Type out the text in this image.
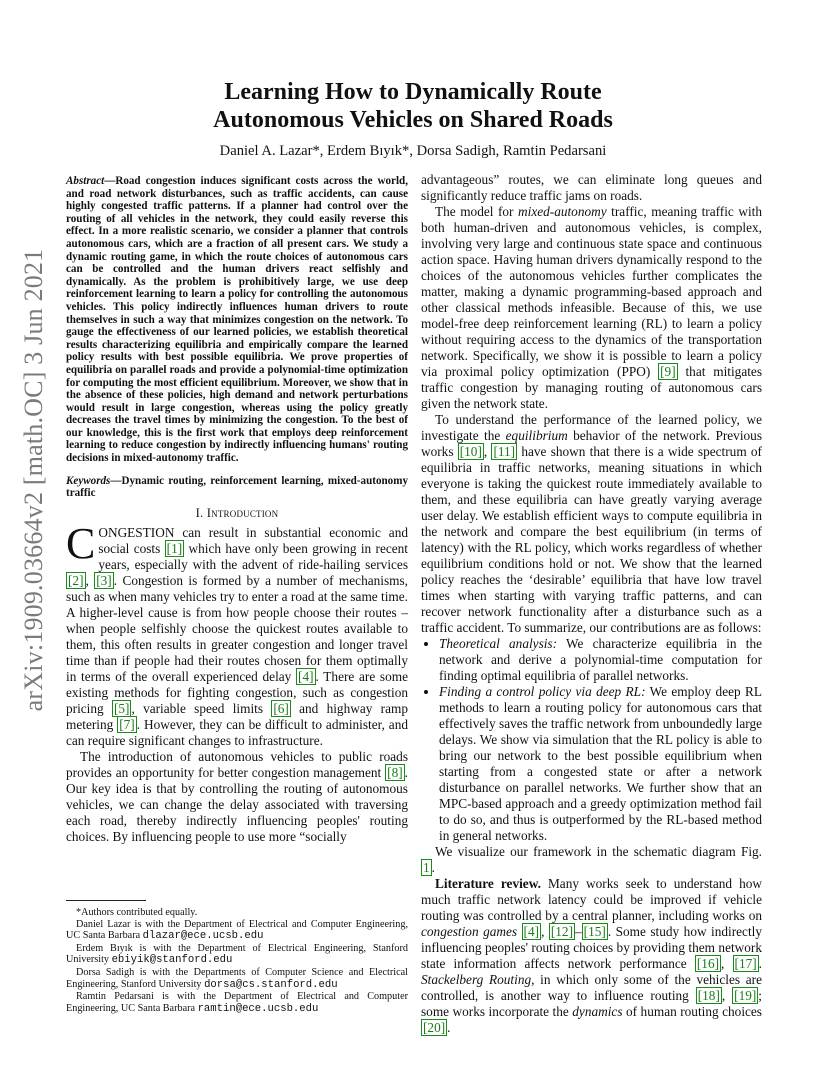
arXiv:1909.03664v2 [math.OC] 3 Jun 2021
Learning How to Dynamically Route
Autonomous Vehicles on Shared Roads
Daniel A. Lazar*, Erdem Bıyık*, Dorsa Sadigh, Ramtin Pedarsani
Abstract—Road congestion induces significant costs across the world, and road network disturbances, such as traffic accidents, can cause highly congested traffic patterns. If a planner had control over the routing of all vehicles in the network, they could easily reverse this effect. In a more realistic scenario, we consider a planner that controls autonomous cars, which are a fraction of all present cars. We study a dynamic routing game, in which the route choices of autonomous cars can be controlled and the human drivers react selfishly and dynamically. As the problem is prohibitively large, we use deep reinforcement learning to learn a policy for controlling the autonomous vehicles. This policy indirectly influences human drivers to route themselves in such a way that minimizes congestion on the network. To gauge the effectiveness of our learned policies, we establish theoretical results characterizing equilibria and empirically compare the learned policy results with best possible equilibria. We prove properties of equilibria on parallel roads and provide a polynomial-time optimization for computing the most efficient equilibrium. Moreover, we show that in the absence of these policies, high demand and network perturbations would result in large congestion, whereas using the policy greatly decreases the travel times by minimizing the congestion. To the best of our knowledge, this is the first work that employs deep reinforcement learning to reduce congestion by indirectly influencing humans' routing decisions in mixed-autonomy traffic.
Keywords—Dynamic routing, reinforcement learning, mixed-autonomy traffic
I. Introduction

CONGESTION can result in substantial economic and social costs [1] which have only been growing in recent years, especially with the advent of ride-hailing services [2] , [3] . Congestion is formed by a number of mechanisms, such as when many vehicles try to enter a road at the same time. A higher-level cause is from how people choose their routes – when people selfishly choose the quickest routes available to them, this often results in greater congestion and longer travel time than if people had their routes chosen for them optimally in terms of the overall experienced delay [4] . There are some existing methods for fighting congestion, such as congestion pricing [5] , variable speed limits [6] and highway ramp metering [7] . However, they can be difficult to administer, and can require significant changes to infrastructure.

The introduction of autonomous vehicles to public roads provides an opportunity for better congestion management [8] . Our key idea is that by controlling the routing of autonomous vehicles, we can change the delay associated with traversing each road, thereby indirectly influencing peoples' routing choices. By influencing people to use more “socially

*Authors contributed equally.
Daniel Lazar is with the Department of Electrical and Computer Engineering, UC Santa Barbara dlazar@ece.ucsb.edu
Erdem Bıyık is with the Department of Electrical Engineering, Stanford University ebiyik@stanford.edu
Dorsa Sadigh is with the Departments of Computer Science and Electrical Engineering, Stanford University dorsa@cs.stanford.edu
Ramtin Pedarsani is with the Department of Electrical and Computer Engineering, UC Santa Barbara ramtin@ece.ucsb.edu

advantageous” routes, we can eliminate long queues and significantly reduce traffic jams on roads.

The model for mixed-autonomy traffic, meaning traffic with both human-driven and autonomous vehicles, is complex, involving very large and continuous state space and continuous action space. Having human drivers dynamically respond to the choices of the autonomous vehicles further complicates the matter, making a dynamic programming-based approach and other classical methods infeasible. Because of this, we use model-free deep reinforcement learning (RL) to learn a policy without requiring access to the dynamics of the transportation network. Specifically, we show it is possible to learn a policy via proximal policy optimization (PPO) [9] that mitigates traffic congestion by managing routing of autonomous cars given the network state.

To understand the performance of the learned policy, we investigate the equilibrium behavior of the network. Previous works [10] , [11] have shown that there is a wide spectrum of equilibria in traffic networks, meaning situations in which everyone is taking the quickest route immediately available to them, and these equilibria can have greatly varying average user delay. We establish efficient ways to compute equilibria in the network and compare the best equilibrium (in terms of latency) with the RL policy, which works regardless of whether equilibrium conditions hold or not. We show that the learned policy reaches the ‘desirable’ equilibria that have low travel times when starting with varying traffic patterns, and can recover network functionality after a disturbance such as a traffic accident. To summarize, our contributions are as follows:

• Theoretical analysis: We characterize equilibria in the network and derive a polynomial-time computation for finding optimal equilibria of parallel networks.
• Finding a control policy via deep RL: We employ deep RL methods to learn a routing policy for autonomous cars that effectively saves the traffic network from unboundedly large delays. We show via simulation that the RL policy is able to bring our network to the best possible equilibrium when starting from a congested state or after a network disturbance on parallel networks. We further show that an MPC-based approach and a greedy optimization method fail to do so, and thus is outperformed by the RL-based method in general networks.

We visualize our framework in the schematic diagram Fig. 1 .

Literature review. Many works seek to understand how much traffic network latency could be improved if vehicle routing was controlled by a central planner, including works on congestion games [4] , [12] – [15] . Some study how indirectly influencing peoples' routing choices by providing them network state information affects network performance [16] , [17] . Stackelberg Routing, in which only some of the vehicles are controlled, is another way to influence routing [18] , [19] ; some works incorporate the dynamics of human routing choices [20] .
